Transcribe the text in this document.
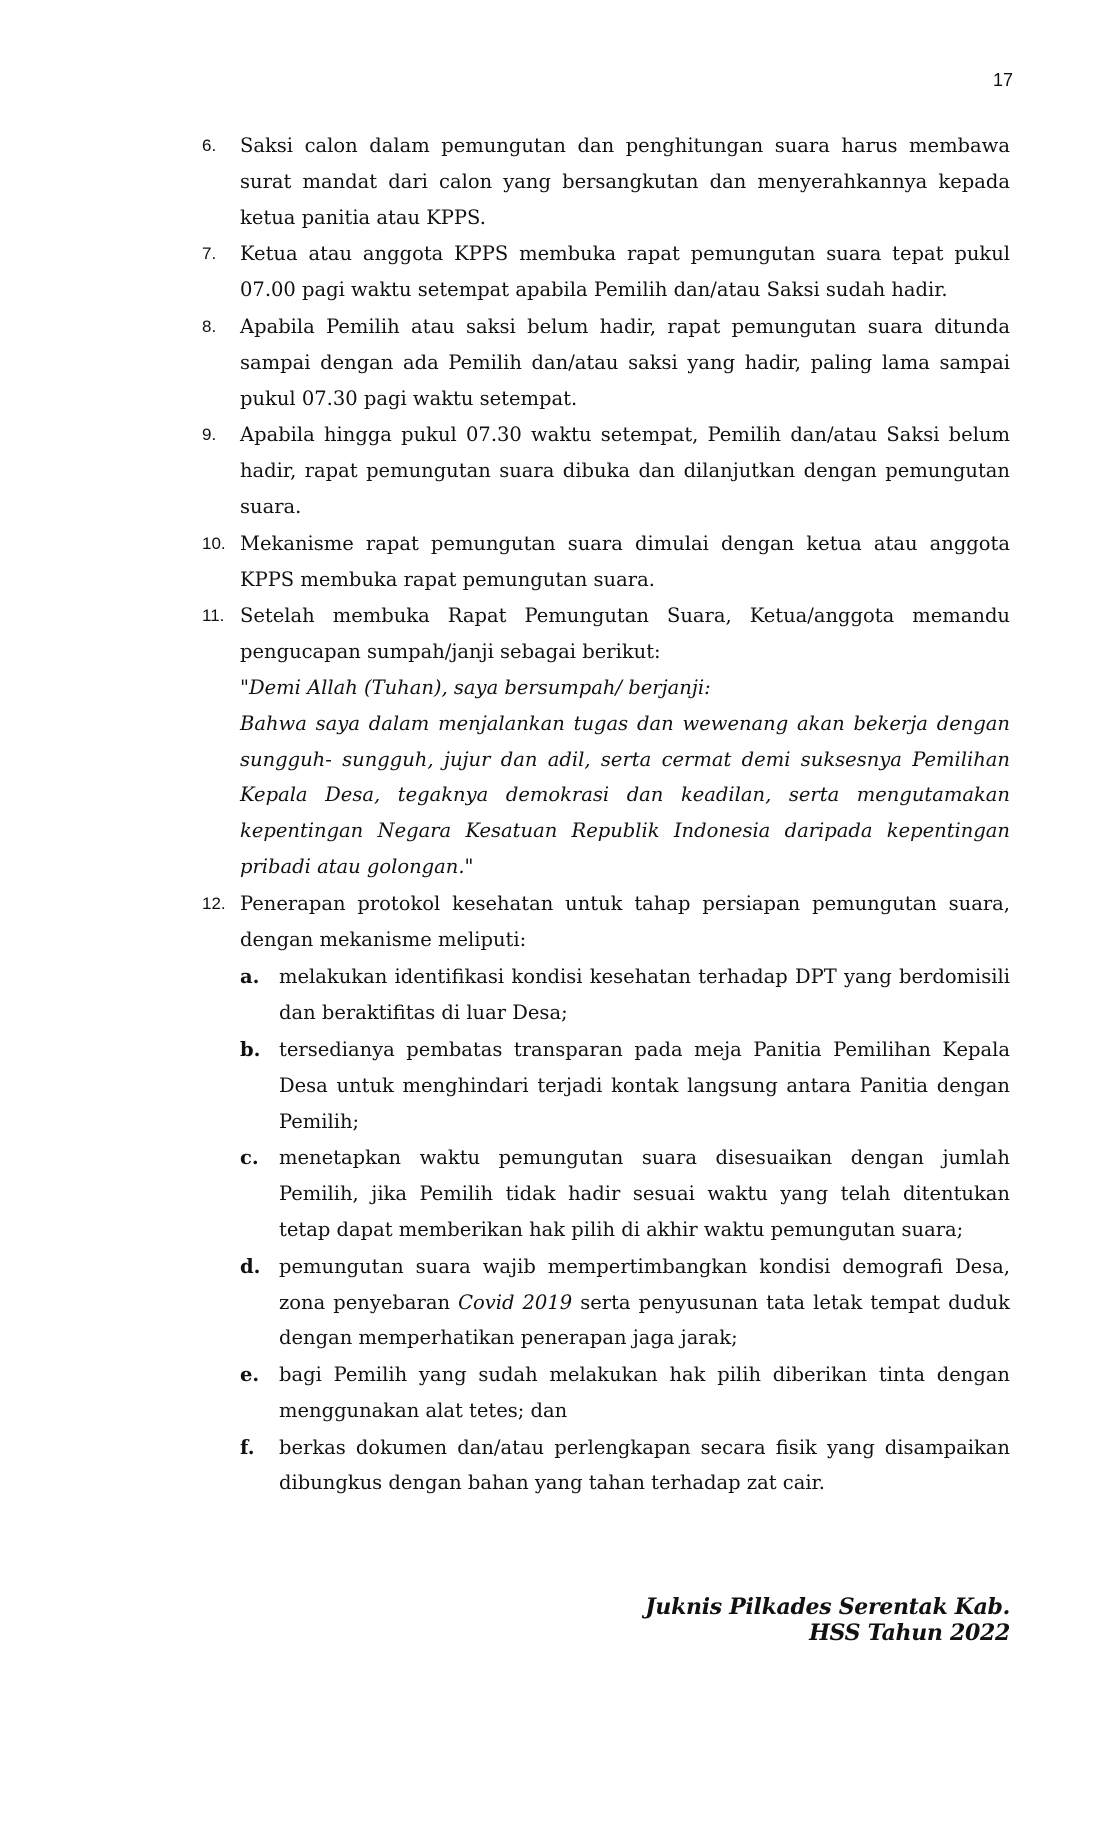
17
6. Saksi calon dalam pemungutan dan penghitungan suara harus membawa surat mandat dari calon yang bersangkutan dan menyerahkannya kepada ketua panitia atau KPPS.
7. Ketua atau anggota KPPS membuka rapat pemungutan suara tepat pukul 07.00 pagi waktu setempat apabila Pemilih dan/atau Saksi sudah hadir.
8. Apabila Pemilih atau saksi belum hadir, rapat pemungutan suara ditunda sampai dengan ada Pemilih dan/atau saksi yang hadir, paling lama sampai pukul 07.30 pagi waktu setempat.
9. Apabila hingga pukul 07.30 waktu setempat, Pemilih dan/atau Saksi belum hadir, rapat pemungutan suara dibuka dan dilanjutkan dengan pemungutan suara.
10. Mekanisme rapat pemungutan suara dimulai dengan ketua atau anggota KPPS membuka rapat pemungutan suara.
11. Setelah membuka Rapat Pemungutan Suara, Ketua/anggota memandu pengucapan sumpah/janji sebagai berikut:
"Demi Allah (Tuhan), saya bersumpah/ berjanji:
Bahwa saya dalam menjalankan tugas dan wewenang akan bekerja dengan sungguh- sungguh, jujur dan adil, serta cermat demi suksesnya Pemilihan Kepala Desa, tegaknya demokrasi dan keadilan, serta mengutamakan kepentingan Negara Kesatuan Republik Indonesia daripada kepentingan pribadi atau golongan."
12. Penerapan protokol kesehatan untuk tahap persiapan pemungutan suara, dengan mekanisme meliputi:
a. melakukan identifikasi kondisi kesehatan terhadap DPT yang berdomisili dan beraktifitas di luar Desa;
b. tersedianya pembatas transparan pada meja Panitia Pemilihan Kepala Desa untuk menghindari terjadi kontak langsung antara Panitia dengan Pemilih;
c. menetapkan waktu pemungutan suara disesuaikan dengan jumlah Pemilih, jika Pemilih tidak hadir sesuai waktu yang telah ditentukan tetap dapat memberikan hak pilih di akhir waktu pemungutan suara;
d. pemungutan suara wajib mempertimbangkan kondisi demografi Desa, zona penyebaran Covid 2019 serta penyusunan tata letak tempat duduk dengan memperhatikan penerapan jaga jarak;
e. bagi Pemilih yang sudah melakukan hak pilih diberikan tinta dengan menggunakan alat tetes; dan
f. berkas dokumen dan/atau perlengkapan secara fisik yang disampaikan dibungkus dengan bahan yang tahan terhadap zat cair.
Juknis Pilkades Serentak Kab. HSS Tahun 2022
